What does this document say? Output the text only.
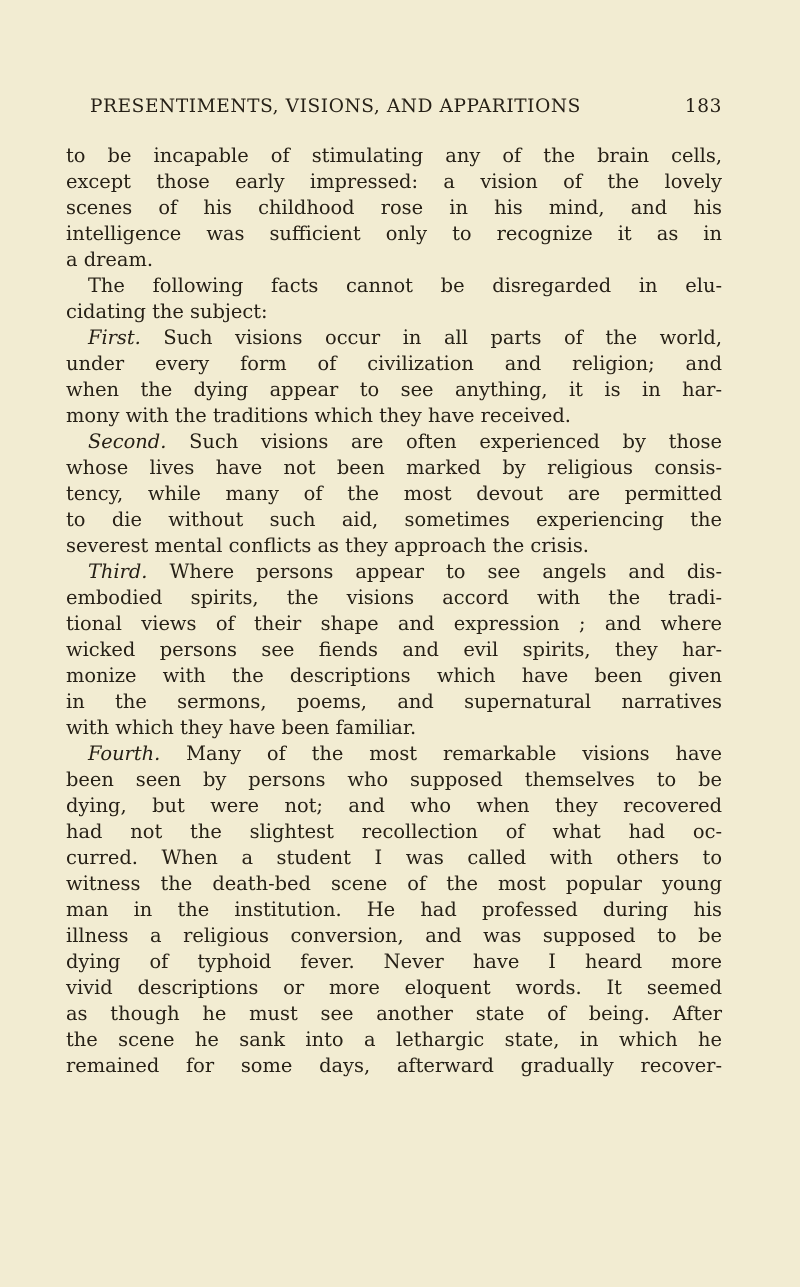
PRESENTIMENTS, VISIONS, AND APPARITIONS	183
to be incapable of stimulating any of the brain cells,
except those early impressed: a vision of the lovely
scenes of his childhood rose in his mind, and his
intelligence was sufficient only to recognize it as in
a dream.
The following facts cannot be disregarded in elu-
cidating the subject:
First. Such visions occur in all parts of the world,
under every form of civilization and religion; and
when the dying appear to see anything, it is in har-
mony with the traditions which they have received.
Second. Such visions are often experienced by those
whose lives have not been marked by religious consis-
tency, while many of the most devout are permitted
to die without such aid, sometimes experiencing the
severest mental conflicts as they approach the crisis.
Third. Where persons appear to see angels and dis-
embodied spirits, the visions accord with the tradi-
tional views of their shape and expression ; and where
wicked persons see fiends and evil spirits, they har-
monize with the descriptions which have been given
in the sermons, poems, and supernatural narratives
with which they have been familiar.
Fourth. Many of the most remarkable visions have
been seen by persons who supposed themselves to be
dying, but were not; and who when they recovered
had not the slightest recollection of what had oc-
curred. When a student I was called with others to
witness the death-bed scene of the most popular young
man in the institution. He had professed during his
illness a religious conversion, and was supposed to be
dying of typhoid fever. Never have I heard more
vivid descriptions or more eloquent words. It seemed
as though he must see another state of being. After
the scene he sank into a lethargic state, in which he
remained for some days, afterward gradually recover-
